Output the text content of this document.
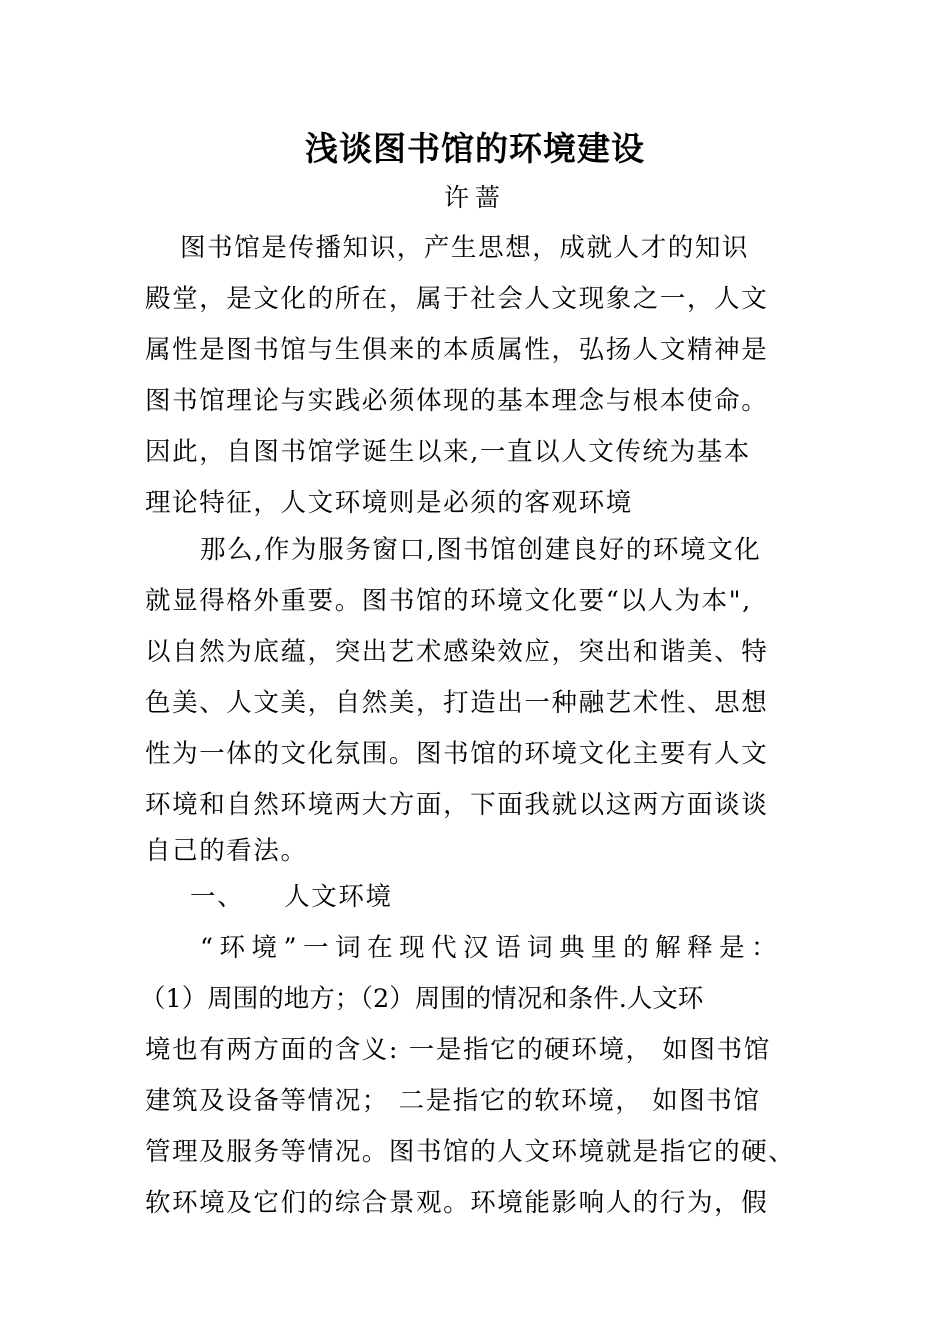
浅谈图书馆的环境建设
许蔷
图书馆是传播知识，产生思想，成就人才的知识
殿堂，是文化的所在，属于社会人文现象之一，人文
属性是图书馆与生俱来的本质属性，弘扬人文精神是
图书馆理论与实践必须体现的基本理念与根本使命。
因此，自图书馆学诞生以来,一直以人文传统为基本
理论特征，人文环境则是必须的客观环境
那么,作为服务窗口,图书馆创建良好的环境文化
就显得格外重要。图书馆的环境文化要“以人为本",
以自然为底蕴，突出艺术感染效应，突出和谐美、特
色美、人文美，自然美，打造出一种融艺术性、思想
性为一体的文化氛围。图书馆的环境文化主要有人文
环境和自然环境两大方面，下面我就以这两方面谈谈
自己的看法。
一、 人文环境
“环境”一词在现代汉语词典里的解释是：
（1）周围的地方；（2）周围的情况和条件.人文环
境也有两方面的含义: 一是指它的硬环境， 如图书馆
建筑及设备等情况； 二是指它的软环境， 如图书馆
管理及服务等情况。图书馆的人文环境就是指它的硬、
软环境及它们的综合景观。环境能影响人的行为，假
